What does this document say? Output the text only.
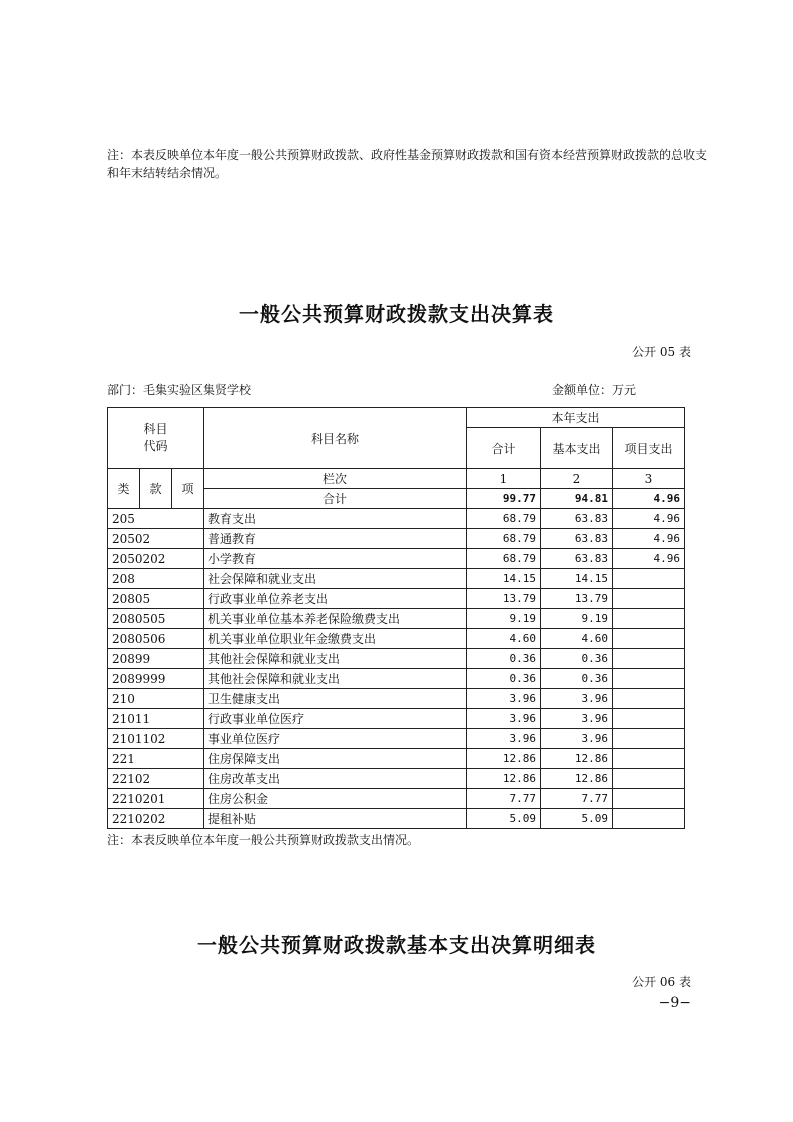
注：本表反映单位本年度一般公共预算财政拨款、政府性基金预算财政拨款和国有资本经营预算财政拨款的总收支
和年末结转结余情况。
一般公共预算财政拨款支出决算表
公开 05 表
部门：毛集实验区集贤学校	金额单位：万元
科目
代码			科目名称	本年支出		
				合计	基本支出	项目支出

类	款	项	栏次	1	2	3
			合计	99.77	94.81	4.96
205			教育支出	68.79	63.83	4.96
20502			普通教育	68.79	63.83	4.96
2050202			小学教育	68.79	63.83	4.96
208			社会保障和就业支出	14.15	14.15	
20805			行政事业单位养老支出	13.79	13.79	
2080505			机关事业单位基本养老保险缴费支出	9.19	9.19	
2080506			机关事业单位职业年金缴费支出	4.60	4.60	
20899			其他社会保障和就业支出	0.36	0.36	
2089999			其他社会保障和就业支出	0.36	0.36	
210			卫生健康支出	3.96	3.96	
21011			行政事业单位医疗	3.96	3.96	
2101102			事业单位医疗	3.96	3.96	
221			住房保障支出	12.86	12.86	
22102			住房改革支出	12.86	12.86	
2210201			住房公积金	7.77	7.77	
2210202			提租补贴	5.09	5.09	
注：本表反映单位本年度一般公共预算财政拨款支出情况。
一般公共预算财政拨款基本支出决算明细表
公开 06 表
−9−
